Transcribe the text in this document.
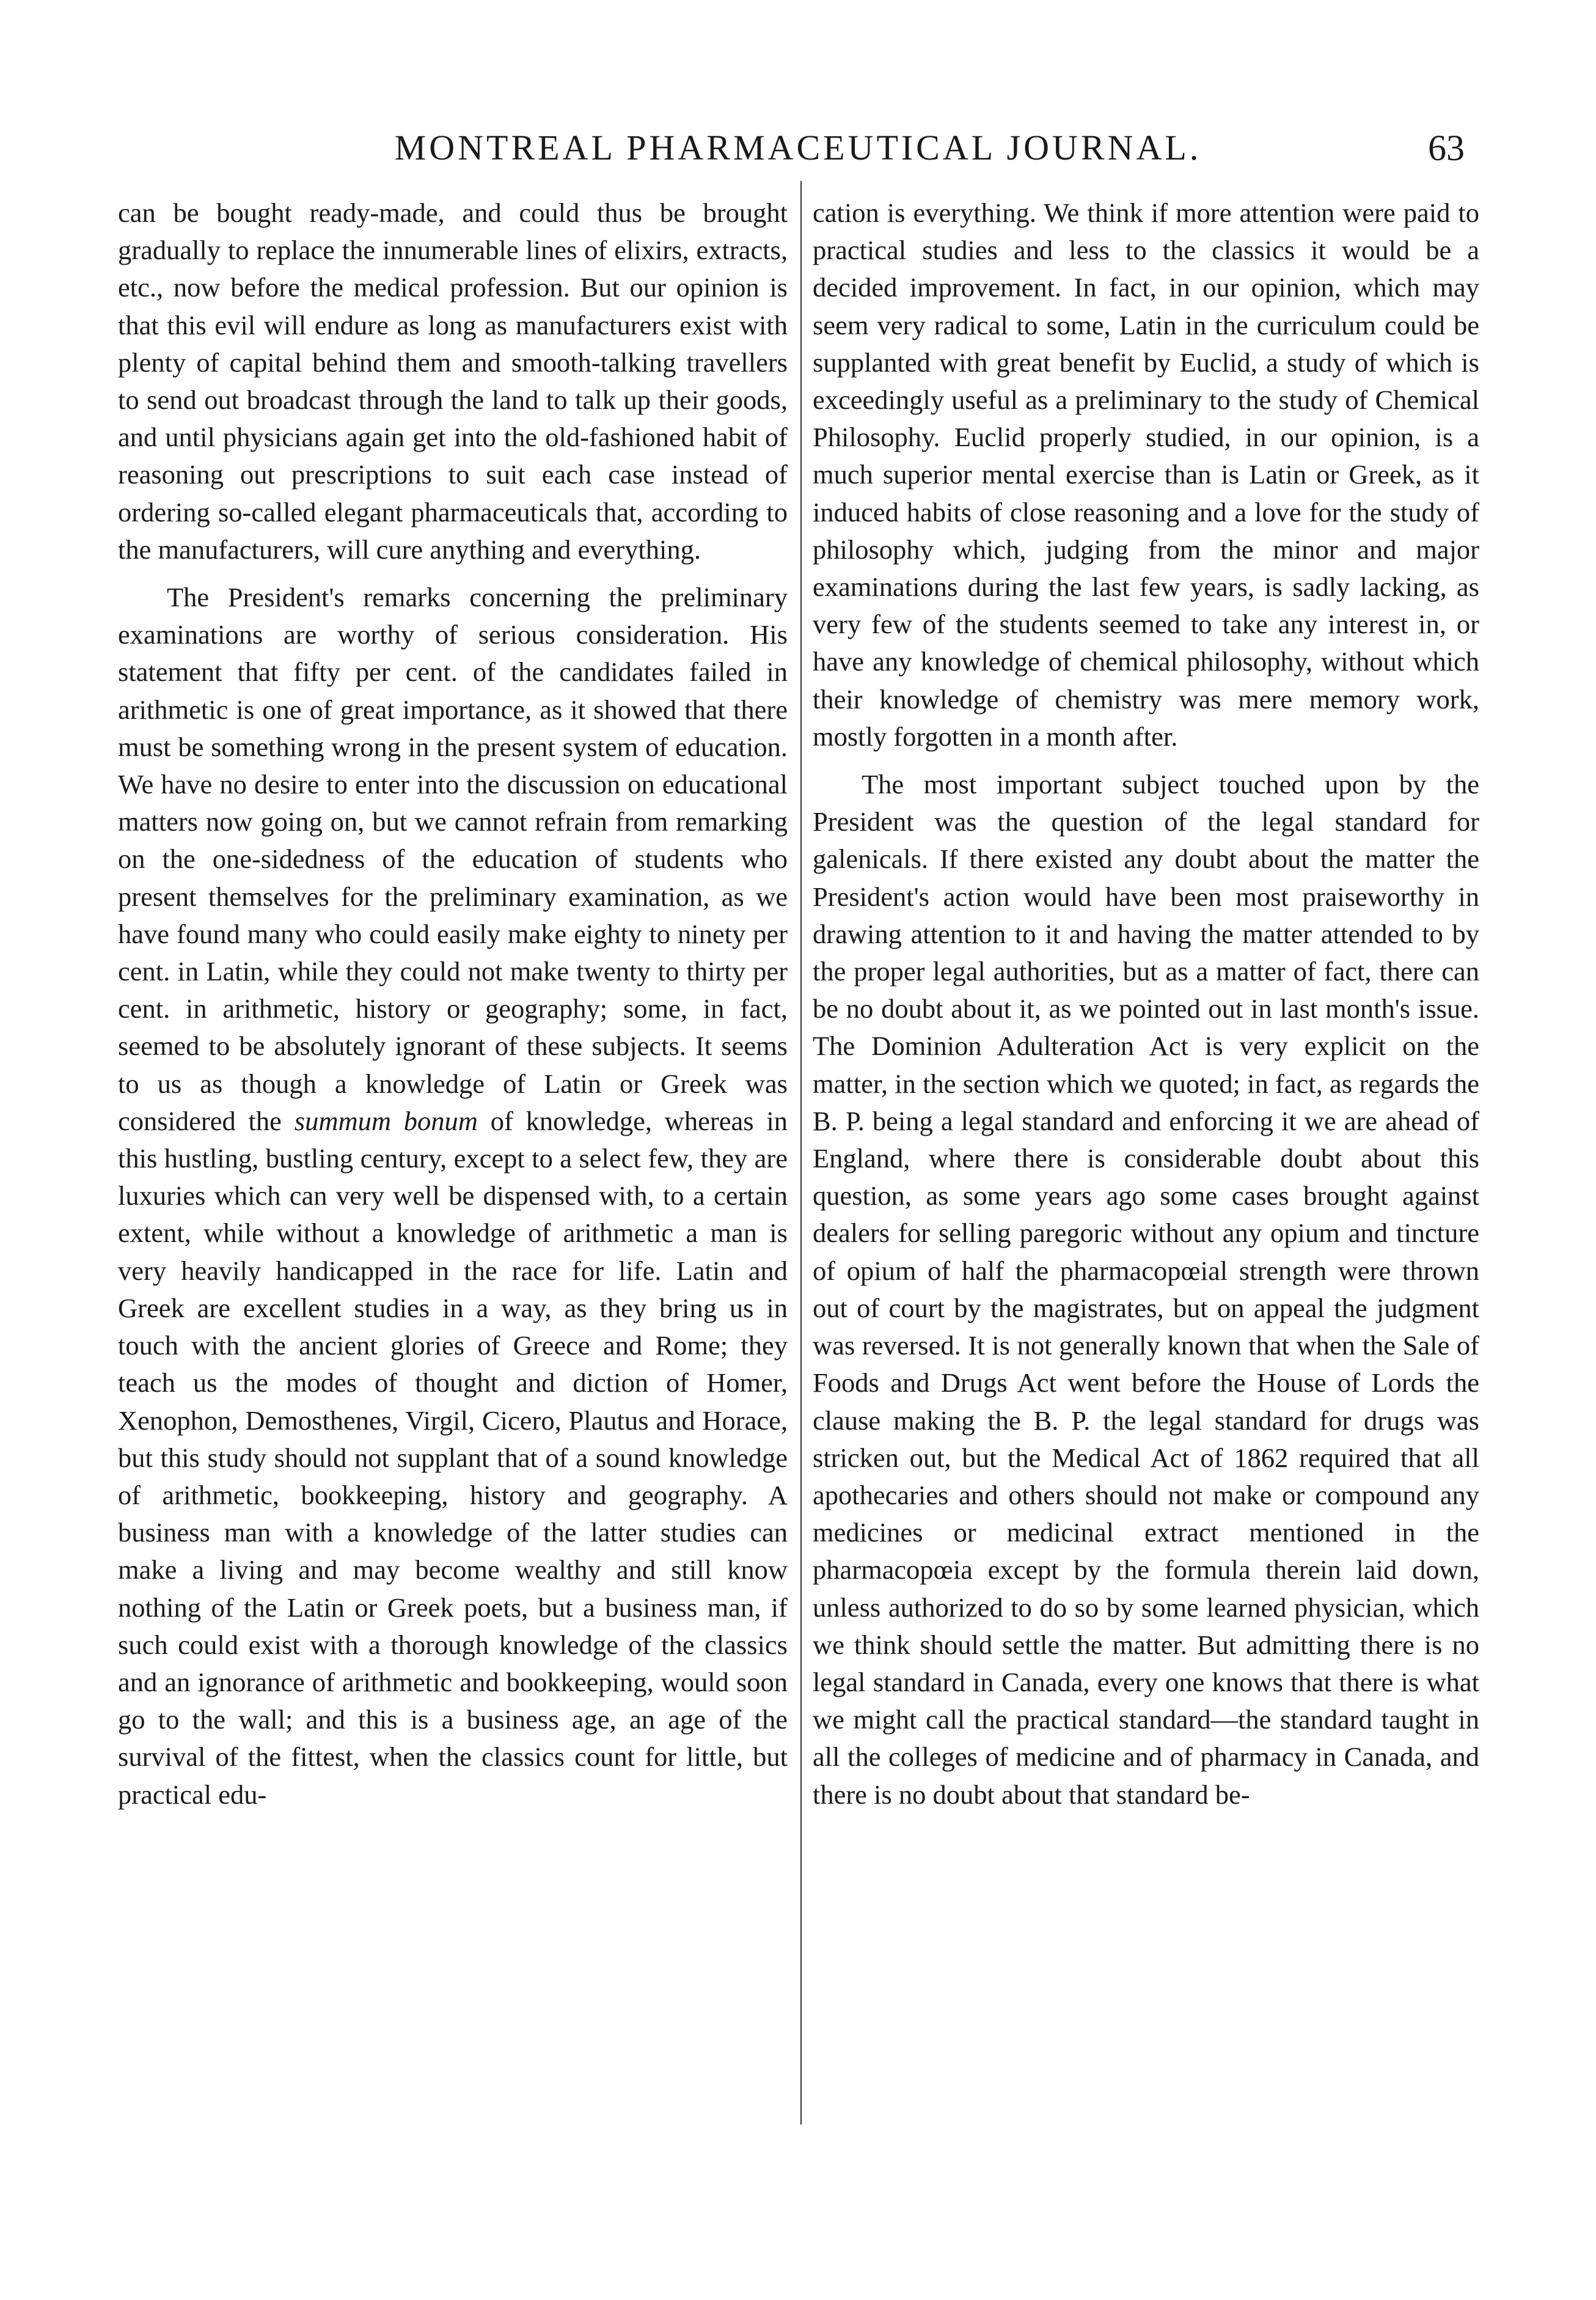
MONTREAL PHARMACEUTICAL JOURNAL.	63

can be bought ready-made, and could thus be brought gradually to replace the innumerable lines of elixirs, extracts, etc., now before the medical profession. But our opinion is that this evil will endure as long as manufacturers exist with plenty of capital behind them and smooth-talking travellers to send out broadcast through the land to talk up their goods, and until physicians again get into the old-fashioned habit of reasoning out prescriptions to suit each case instead of ordering so-called elegant pharmaceuticals that, according to the manufacturers, will cure anything and everything.

The President's remarks concerning the preliminary examinations are worthy of serious consideration. His statement that fifty per cent. of the candidates failed in arithmetic is one of great importance, as it showed that there must be something wrong in the present system of education. We have no desire to enter into the discussion on educational matters now going on, but we cannot refrain from remarking on the one-sidedness of the education of students who present themselves for the preliminary examination, as we have found many who could easily make eighty to ninety per cent. in Latin, while they could not make twenty to thirty per cent. in arithmetic, history or geography; some, in fact, seemed to be absolutely ignorant of these subjects. It seems to us as though a knowledge of Latin or Greek was considered the summum bonum of knowledge, whereas in this hustling, bustling century, except to a select few, they are luxuries which can very well be dispensed with, to a certain extent, while without a knowledge of arithmetic a man is very heavily handicapped in the race for life. Latin and Greek are excellent studies in a way, as they bring us in touch with the ancient glories of Greece and Rome; they teach us the modes of thought and diction of Homer, Xenophon, Demosthenes, Virgil, Cicero, Plautus and Horace, but this study should not supplant that of a sound knowledge of arithmetic, bookkeeping, history and geography. A business man with a knowledge of the latter studies can make a living and may become wealthy and still know nothing of the Latin or Greek poets, but a business man, if such could exist with a thorough knowledge of the classics and an ignorance of arithmetic and bookkeeping, would soon go to the wall; and this is a business age, an age of the survival of the fittest, when the classics count for little, but practical edu-

cation is everything. We think if more attention were paid to practical studies and less to the classics it would be a decided improvement. In fact, in our opinion, which may seem very radical to some, Latin in the curriculum could be supplanted with great benefit by Euclid, a study of which is exceedingly useful as a preliminary to the study of Chemical Philosophy. Euclid properly studied, in our opinion, is a much superior mental exercise than is Latin or Greek, as it induced habits of close reasoning and a love for the study of philosophy which, judging from the minor and major examinations during the last few years, is sadly lacking, as very few of the students seemed to take any interest in, or have any knowledge of chemical philosophy, without which their knowledge of chemistry was mere memory work, mostly forgotten in a month after.

The most important subject touched upon by the President was the question of the legal standard for galenicals. If there existed any doubt about the matter the President's action would have been most praiseworthy in drawing attention to it and having the matter attended to by the proper legal authorities, but as a matter of fact, there can be no doubt about it, as we pointed out in last month's issue. The Dominion Adulteration Act is very explicit on the matter, in the section which we quoted; in fact, as regards the B. P. being a legal standard and enforcing it we are ahead of England, where there is considerable doubt about this question, as some years ago some cases brought against dealers for selling paregoric without any opium and tincture of opium of half the pharmacopœial strength were thrown out of court by the magistrates, but on appeal the judgment was reversed. It is not generally known that when the Sale of Foods and Drugs Act went before the House of Lords the clause making the B. P. the legal standard for drugs was stricken out, but the Medical Act of 1862 required that all apothecaries and others should not make or compound any medicines or medicinal extract mentioned in the pharmacopœia except by the formula therein laid down, unless authorized to do so by some learned physician, which we think should settle the matter. But admitting there is no legal standard in Canada, every one knows that there is what we might call the practical standard—the standard taught in all the colleges of medicine and of pharmacy in Canada, and there is no doubt about that standard be-
